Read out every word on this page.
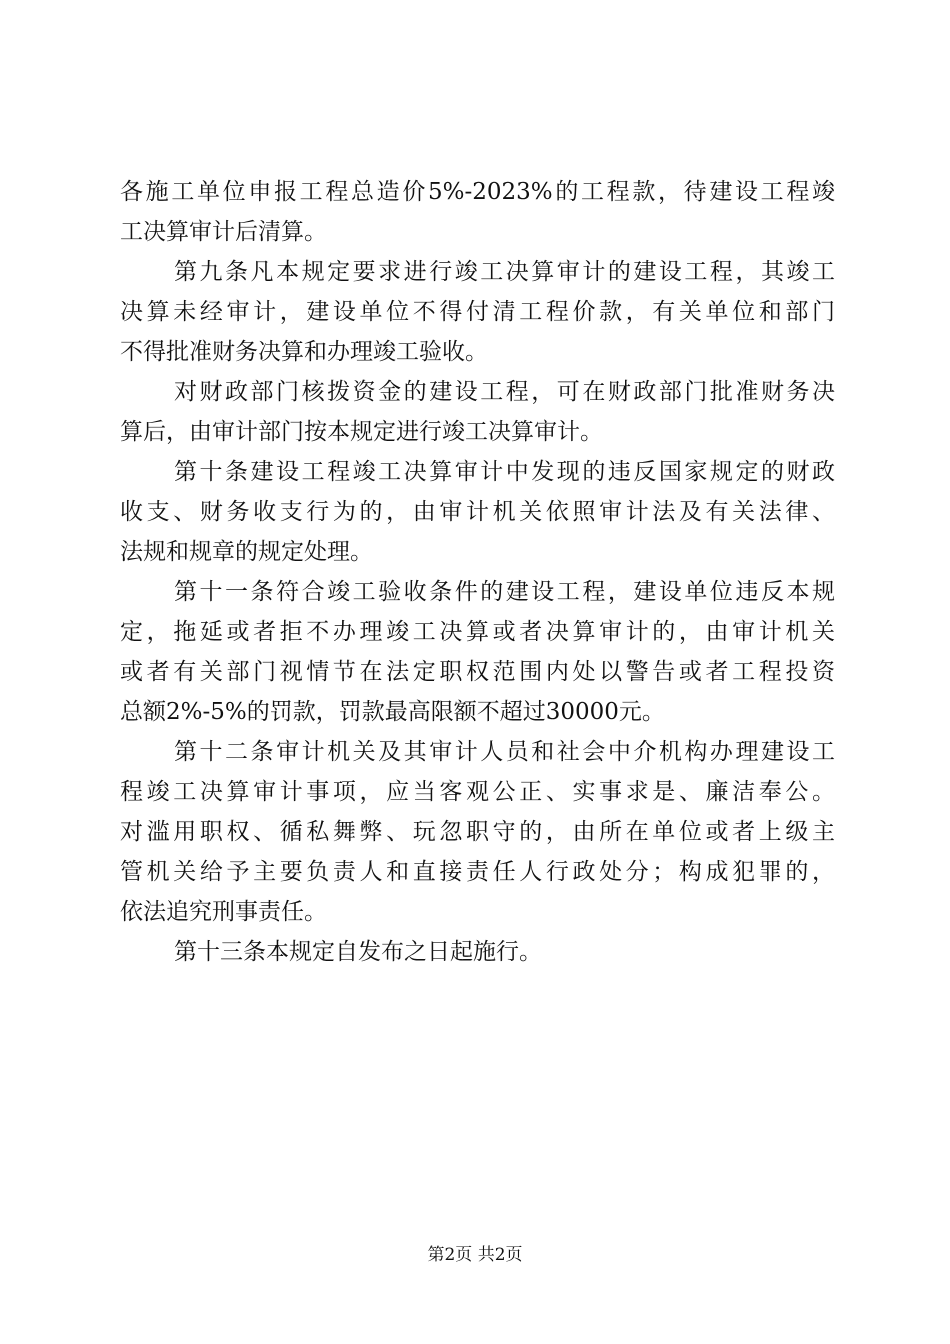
各施工单位申报工程总造价5%-2023%的工程款，待建设工程竣
工决算审计后清算。
第九条凡本规定要求进行竣工决算审计的建设工程，其竣工
决算未经审计，建设单位不得付清工程价款，有关单位和部门
不得批准财务决算和办理竣工验收。
对财政部门核拨资金的建设工程，可在财政部门批准财务决
算后，由审计部门按本规定进行竣工决算审计。
第十条建设工程竣工决算审计中发现的违反国家规定的财政
收支、财务收支行为的，由审计机关依照审计法及有关法律、
法规和规章的规定处理。
第十一条符合竣工验收条件的建设工程，建设单位违反本规
定，拖延或者拒不办理竣工决算或者决算审计的，由审计机关
或者有关部门视情节在法定职权范围内处以警告或者工程投资
总额2%-5%的罚款，罚款最高限额不超过30000元。
第十二条审计机关及其审计人员和社会中介机构办理建设工
程竣工决算审计事项，应当客观公正、实事求是、廉洁奉公。
对滥用职权、循私舞弊、玩忽职守的，由所在单位或者上级主
管机关给予主要负责人和直接责任人行政处分；构成犯罪的，
依法追究刑事责任。
第十三条本规定自发布之日起施行。
第2页 共2页
